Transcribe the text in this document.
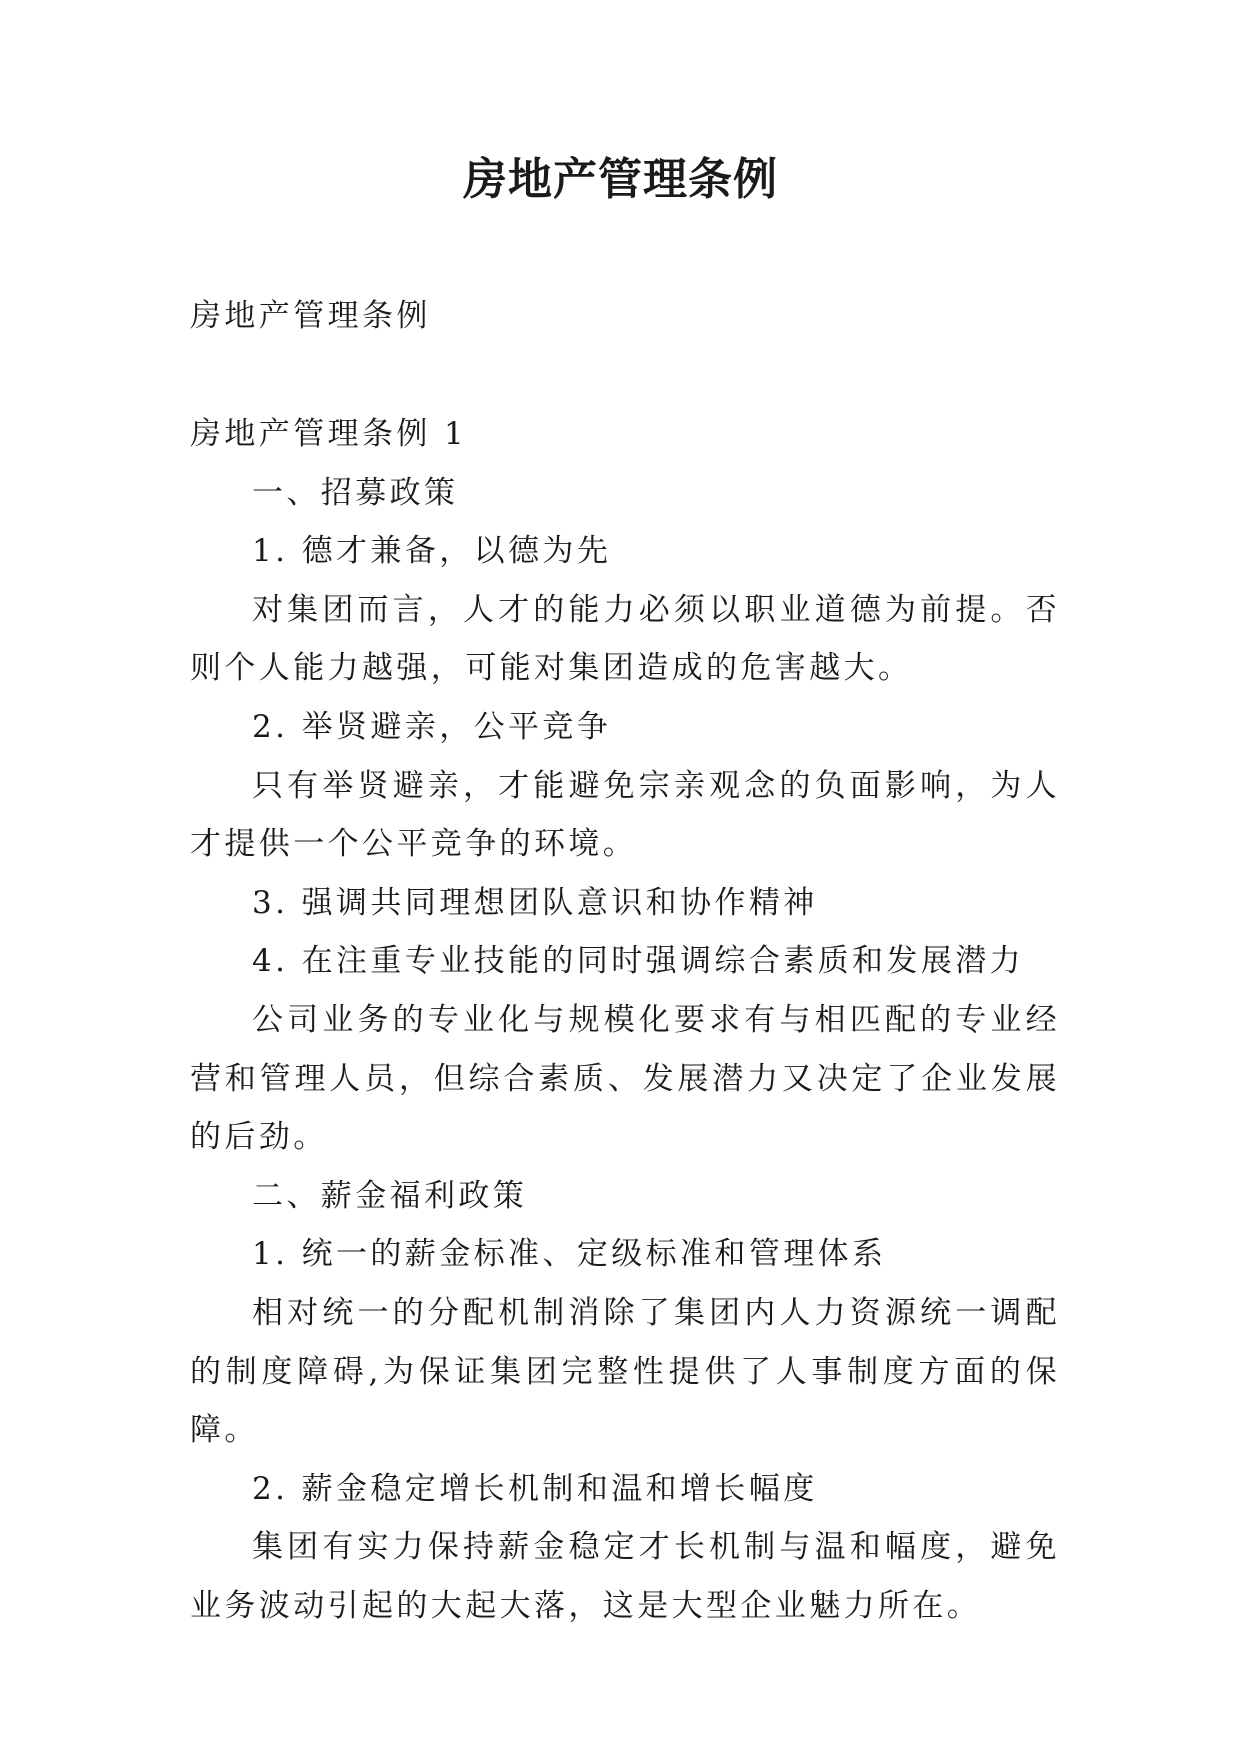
房地产管理条例
房地产管理条例

房地产管理条例 1

一、招募政策

1. 德才兼备，以德为先

对集团而言，人才的能力必须以职业道德为前提。否则个人能力越强，可能对集团造成的危害越大。

2. 举贤避亲，公平竞争

只有举贤避亲，才能避免宗亲观念的负面影响，为人才提供一个公平竞争的环境。

3. 强调共同理想团队意识和协作精神

4. 在注重专业技能的同时强调综合素质和发展潜力

公司业务的专业化与规模化要求有与相匹配的专业经营和管理人员，但综合素质、发展潜力又决定了企业发展的后劲。

二、薪金福利政策

1. 统一的薪金标准、定级标准和管理体系

相对统一的分配机制消除了集团内人力资源统一调配的制度障碍,为保证集团完整性提供了人事制度方面的保障。

2. 薪金稳定增长机制和温和增长幅度

集团有实力保持薪金稳定才长机制与温和幅度，避免业务波动引起的大起大落，这是大型企业魅力所在。
